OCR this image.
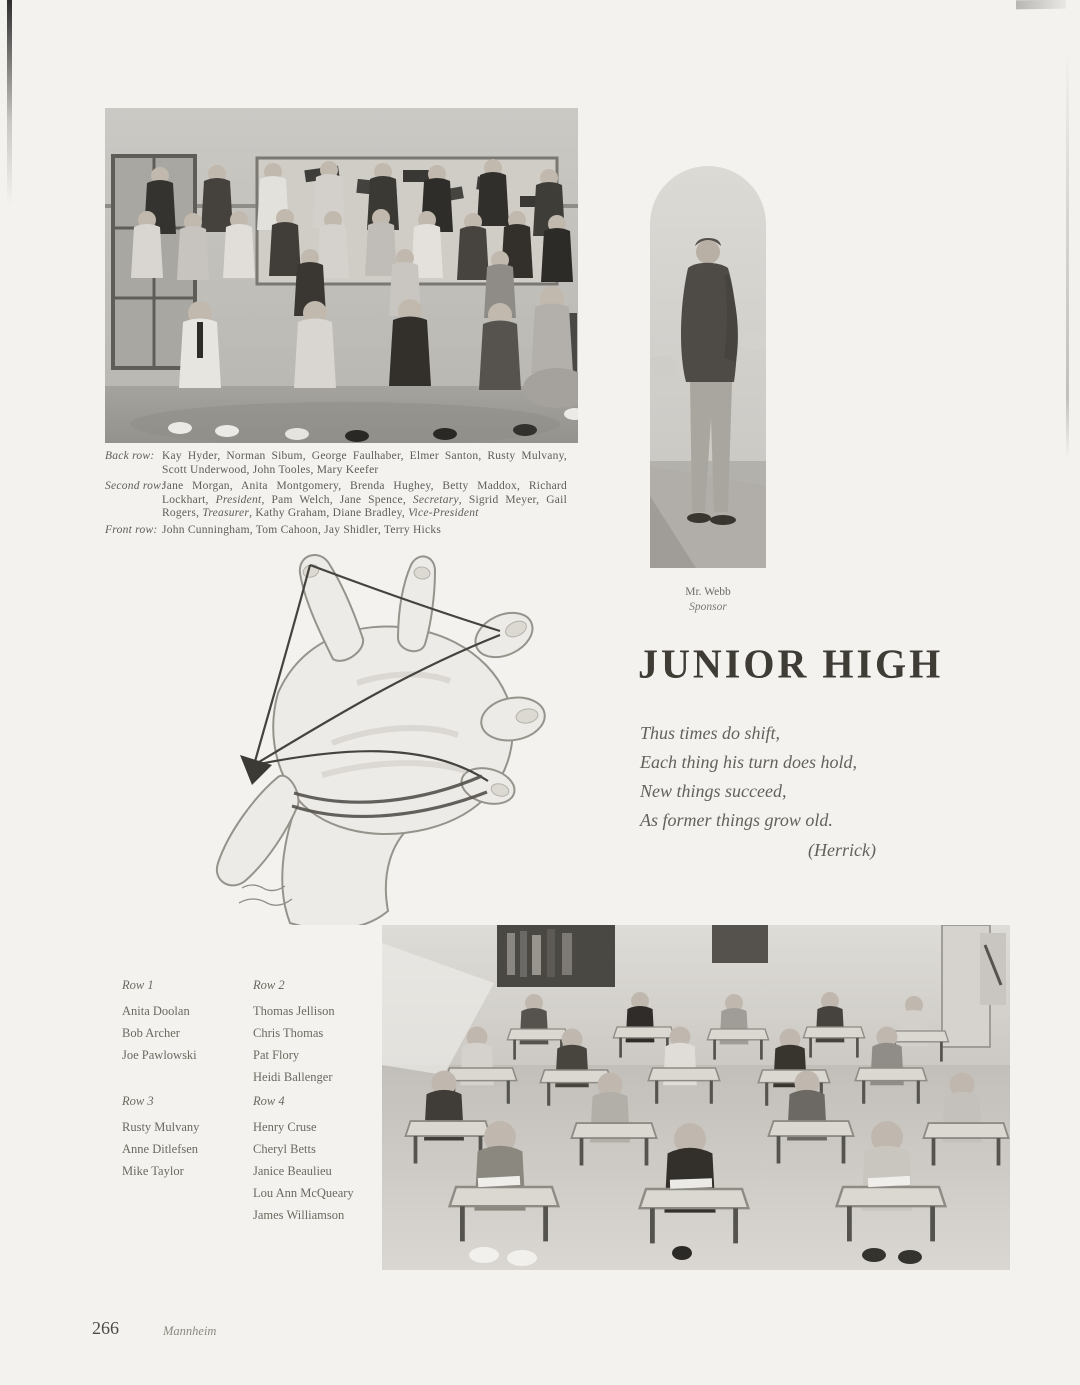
Back row: Kay Hyder, Norman Sibum, George Faulhaber, Elmer Santon, Rusty Mulvany, Scott Underwood, John Tooles, Mary Keefer
Second row:
Jane Morgan, Anita Montgomery, Brenda Hughey, Betty Maddox, Richard Lockhart, President, Pam Welch, Jane Spence, Secretary, Sigrid Meyer, Gail Rogers, Treasurer, Kathy Graham, Diane Bradley, Vice-President
Front row: John Cunningham, Tom Cahoon, Jay Shidler, Terry Hicks
Mr. Webb
Sponsor
JUNIOR HIGH
Thus times do shift,
Each thing his turn does hold,
New things succeed,
As former things grow old.
(Herrick)
Row 1
Anita Doolan
Bob Archer
Joe Pawlowski
Row 2
Thomas Jellison
Chris Thomas
Pat Flory
Heidi Ballenger
Row 3
Rusty Mulvany
Anne Ditlefsen
Mike Taylor
Row 4
Henry Cruse
Cheryl Betts
Janice Beaulieu
Lou Ann McQueary
James Williamson
266	Mannheim
